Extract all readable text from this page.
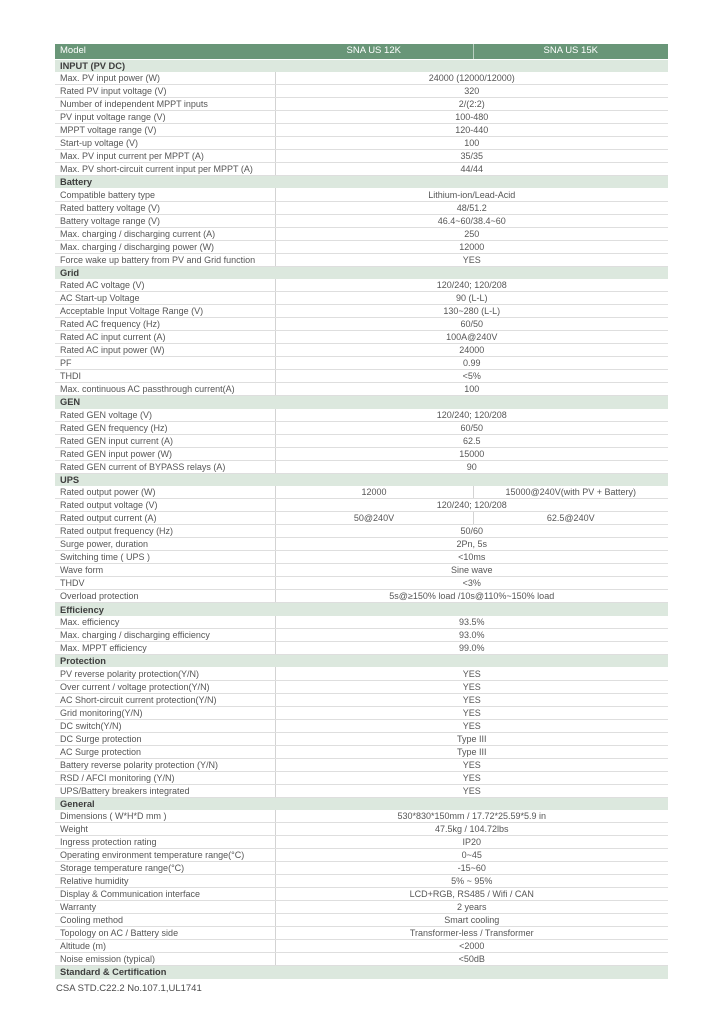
Model	SNA US 12K	SNA US 15K
INPUT (PV DC)		
Max. PV input power (W)	24000 (12000/12000)	
Rated PV input voltage (V)	320	
Number of independent MPPT inputs	2/(2:2)	
PV input voltage range (V)	100-480	
MPPT voltage range (V)	120-440	
Start-up voltage (V)	100	
Max. PV input current per MPPT (A)	35/35	
Max. PV short-circuit current input per MPPT (A)	44/44	
Battery		
Compatible battery type	Lithium-ion/Lead-Acid	
Rated battery voltage (V)	48/51.2	
Battery voltage range (V)	46.4~60/38.4~60	
Max. charging / discharging current (A)	250	
Max. charging / discharging power (W)	12000	
Force wake up battery from PV and Grid function	YES	
Grid		
Rated AC voltage (V)	120/240; 120/208	
AC Start-up Voltage	90 (L-L)	
Acceptable Input Voltage Range (V)	130~280 (L-L)	
Rated AC frequency (Hz)	60/50	
Rated AC input current (A)	100A@240V	
Rated AC input power (W)	24000	
PF	0.99	
THDI	<5%	
Max. continuous AC passthrough current(A)	100	
GEN		
Rated GEN voltage (V)	120/240; 120/208	
Rated GEN frequency (Hz)	60/50	
Rated GEN input current (A)	62.5	
Rated GEN input power (W)	15000	
Rated GEN current of BYPASS relays (A)	90	
UPS		
Rated output power (W)	12000	15000@240V(with PV + Battery)
Rated output voltage (V)	120/240; 120/208	
Rated output current (A)	50@240V	62.5@240V
Rated output frequency (Hz)	50/60	
Surge power, duration	2Pn, 5s	
Switching time ( UPS )	<10ms	
Wave form	Sine wave	
THDV	<3%	
Overload protection	5s@≥150% load /10s@110%~150% load	
Efficiency		
Max. efficiency	93.5%	
Max. charging / discharging efficiency	93.0%	
Max. MPPT efficiency	99.0%	
Protection		
PV reverse polarity protection(Y/N)	YES	
Over current / voltage protection(Y/N)	YES	
AC Short-circuit current protection(Y/N)	YES	
Grid monitoring(Y/N)	YES	
DC switch(Y/N)	YES	
DC Surge protection	Type III	
AC Surge protection	Type III	
Battery reverse polarity protection (Y/N)	YES	
RSD / AFCI monitoring (Y/N)	YES	
UPS/Battery breakers integrated	YES	
General		
Dimensions ( W*H*D mm )	530*830*150mm / 17.72*25.59*5.9 in	
Weight	47.5kg / 104.72lbs	
Ingress protection rating	IP20	
Operating environment temperature range(°C)	0~45	
Storage temperature range(°C)	-15~60	
Relative humidity	5% ~ 95%	
Display & Communication interface	LCD+RGB, RS485 / Wifi / CAN	
Warranty	2 years	
Cooling method	Smart cooling	
Topology on AC / Battery side	Transformer-less / Transformer	
Altitude (m)	<2000	
Noise emission (typical)	<50dB	
Standard & Certification		
CSA STD.C22.2 No.107.1,UL1741
